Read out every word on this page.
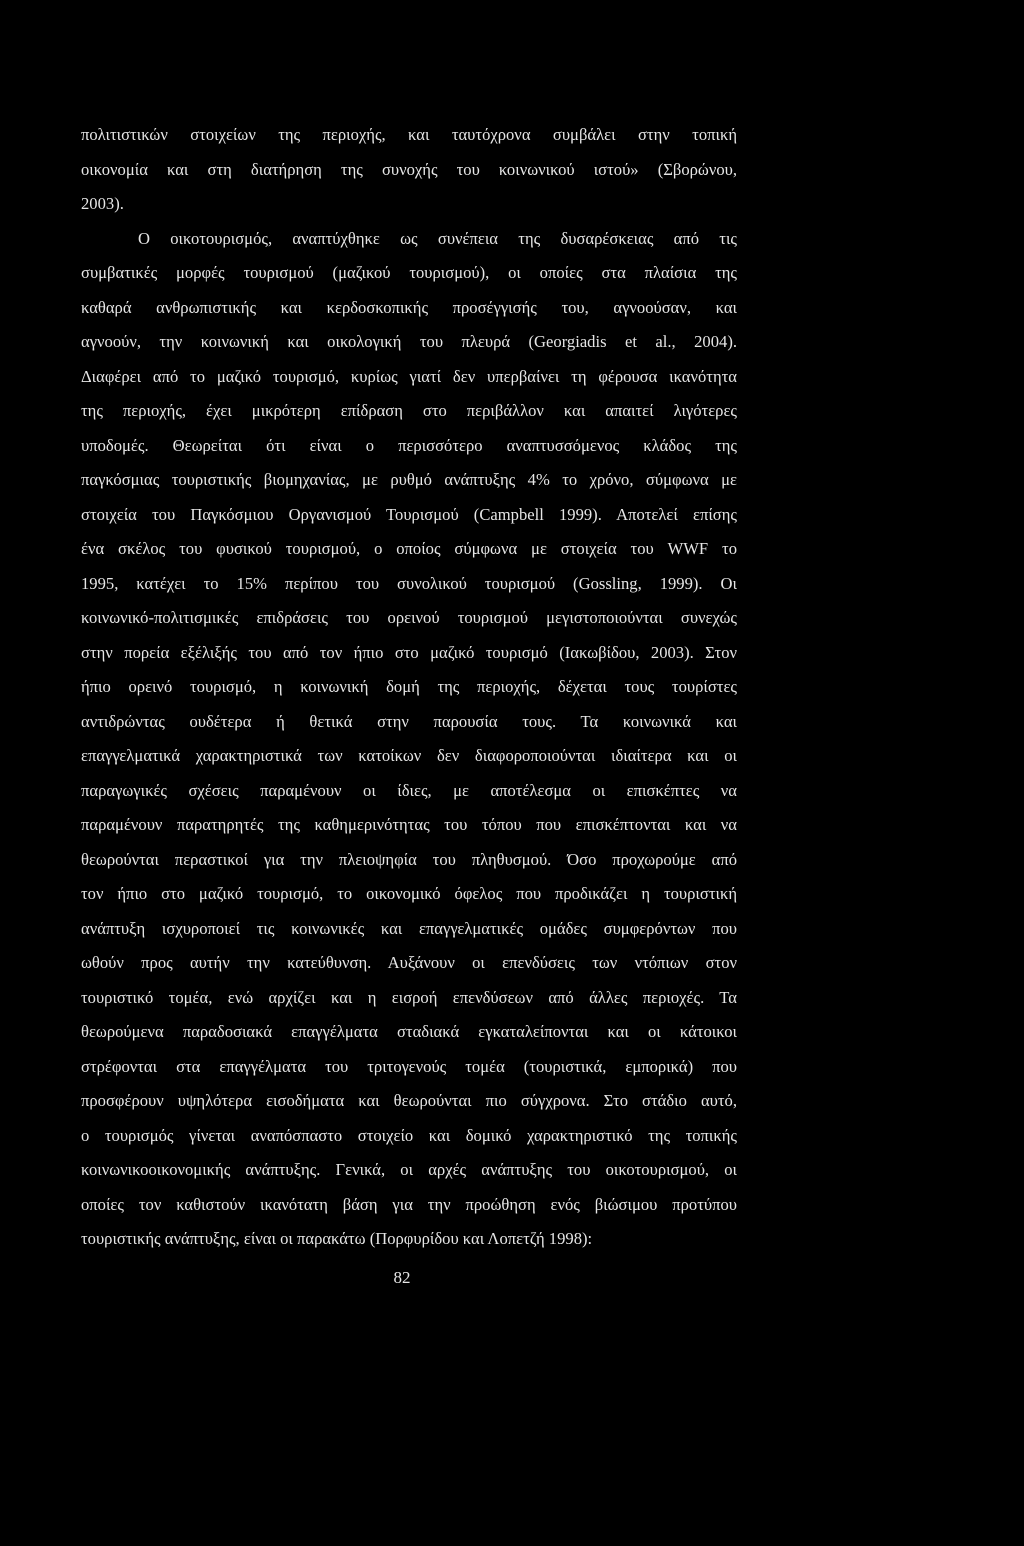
πολιτιστικών στοιχείων της περιοχής, και ταυτόχρονα συμβάλει στην τοπική
οικονομία και στη διατήρηση της συνοχής του κοινωνικού ιστού» (Σβορώνου,
2003).
Ο οικοτουρισμός, αναπτύχθηκε ως συνέπεια της δυσαρέσκειας από τις
συμβατικές μορφές τουρισμού (μαζικού τουρισμού), οι οποίες στα πλαίσια της
καθαρά ανθρωπιστικής και κερδοσκοπικής προσέγγισής του, αγνοούσαν, και
αγνοούν, την κοινωνική και οικολογική του πλευρά (Georgiadis et al., 2004).
Διαφέρει από το μαζικό τουρισμό, κυρίως γιατί δεν υπερβαίνει τη φέρουσα ικανότητα
της περιοχής, έχει μικρότερη επίδραση στο περιβάλλον και απαιτεί λιγότερες
υποδομές. Θεωρείται ότι είναι ο περισσότερο αναπτυσσόμενος κλάδος της
παγκόσμιας τουριστικής βιομηχανίας, με ρυθμό ανάπτυξης 4% το χρόνο, σύμφωνα με
στοιχεία του Παγκόσμιου Οργανισμού Τουρισμού (Campbell 1999). Αποτελεί επίσης
ένα σκέλος του φυσικού τουρισμού, ο οποίος σύμφωνα με στοιχεία του WWF το
1995, κατέχει το 15% περίπου του συνολικού τουρισμού (Gossling, 1999). Οι
κοινωνικό-πολιτισμικές επιδράσεις του ορεινού τουρισμού μεγιστοποιούνται συνεχώς
στην πορεία εξέλιξής του από τον ήπιο στο μαζικό τουρισμό (Ιακωβίδου, 2003). Στον
ήπιο ορεινό τουρισμό, η κοινωνική δομή της περιοχής, δέχεται τους τουρίστες
αντιδρώντας ουδέτερα ή θετικά στην παρουσία τους. Τα κοινωνικά και
επαγγελματικά χαρακτηριστικά των κατοίκων δεν διαφοροποιούνται ιδιαίτερα και οι
παραγωγικές σχέσεις παραμένουν οι ίδιες, με αποτέλεσμα οι επισκέπτες να
παραμένουν παρατηρητές της καθημερινότητας του τόπου που επισκέπτονται και να
θεωρούνται περαστικοί για την πλειοψηφία του πληθυσμού. Όσο προχωρούμε από
τον ήπιο στο μαζικό τουρισμό, το οικονομικό όφελος που προδικάζει η τουριστική
ανάπτυξη ισχυροποιεί τις κοινωνικές και επαγγελματικές ομάδες συμφερόντων που
ωθούν προς αυτήν την κατεύθυνση. Αυξάνουν οι επενδύσεις των ντόπιων στον
τουριστικό τομέα, ενώ αρχίζει και η εισροή επενδύσεων από άλλες περιοχές. Τα
θεωρούμενα παραδοσιακά επαγγέλματα σταδιακά εγκαταλείπονται και οι κάτοικοι
στρέφονται στα επαγγέλματα του τριτογενούς τομέα (τουριστικά, εμπορικά) που
προσφέρουν υψηλότερα εισοδήματα και θεωρούνται πιο σύγχρονα. Στο στάδιο αυτό,
ο τουρισμός γίνεται αναπόσπαστο στοιχείο και δομικό χαρακτηριστικό της τοπικής
κοινωνικοοικονομικής ανάπτυξης. Γενικά, οι αρχές ανάπτυξης του οικοτουρισμού, οι
οποίες τον καθιστούν ικανότατη βάση για την προώθηση ενός βιώσιμου προτύπου
τουριστικής ανάπτυξης, είναι οι παρακάτω (Πορφυρίδου και Λοπετζή 1998):
82
